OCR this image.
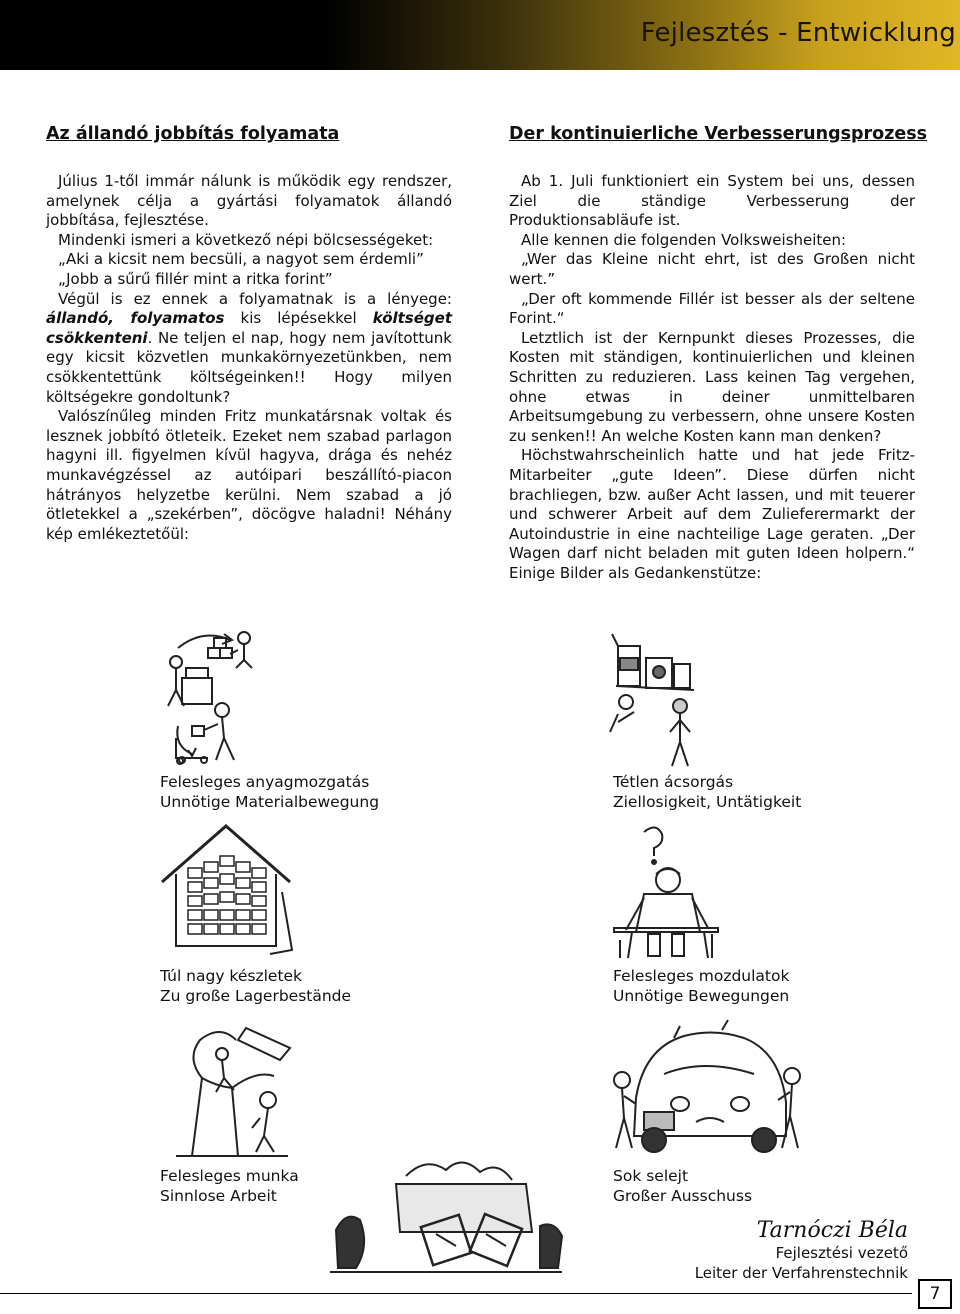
Fejlesztés - Entwicklung
Az állandó jobbítás folyamata

Július 1-től immár nálunk is működik egy rendszer, amelynek célja a gyártási folyamatok állandó jobbítása, fejlesztése.

Mindenki ismeri a következő népi bölcsességeket:

„Aki a kicsit nem becsüli, a nagyot sem érdemli”

„Jobb a sűrű fillér mint a ritka forint”

Végül is ez ennek a folyamatnak is a lényege: állandó, folyamatos kis lépésekkel költséget csökkenteni. Ne teljen el nap, hogy nem javítottunk egy kicsit közvetlen munkakörnyezetünkben, nem csökkentettünk költségeinken!! Hogy milyen költségekre gondoltunk?

Valószínűleg minden Fritz munkatársnak voltak és lesznek jobbító ötleteik. Ezeket nem szabad parlagon hagyni ill. figyelmen kívül hagyva, drága és nehéz munkavégzéssel az autóipari beszállító-piacon hátrányos helyzetbe kerülni. Nem szabad a jó ötletekkel a „szekérben”, döcögve haladni! Néhány kép emlékeztetőül:

Der kontinuierliche Verbesserungsprozess

Ab 1. Juli funktioniert ein System bei uns, dessen Ziel die ständige Verbesserung der Produktionsabläufe ist.

Alle kennen die folgenden Volksweisheiten:

„Wer das Kleine nicht ehrt, ist des Großen nicht wert.”

„Der oft kommende Fillér ist besser als der seltene Forint.“

Letztlich ist der Kernpunkt dieses Prozesses, die Kosten mit ständigen, kontinuierlichen und kleinen Schritten zu reduzieren. Lass keinen Tag vergehen, ohne etwas in deiner unmittelbaren Arbeitsumgebung zu verbessern, ohne unsere Kosten zu senken!! An welche Kosten kann man denken?

Höchstwahrscheinlich hatte und hat jede Fritz-Mitarbeiter „gute Ideen”. Diese dürfen nicht brachliegen, bzw. außer Acht lassen, und mit teuerer und schwerer Arbeit auf dem Zulieferermarkt der Autoindustrie in eine nachteilige Lage geraten. „Der Wagen darf nicht beladen mit guten Ideen holpern.“ Einige Bilder als Gedankenstütze:

Felesleges anyagmozgatás
Unnötige Materialbewegung
Tétlen ácsorgás
Ziellosigkeit, Untätigkeit
Túl nagy készletek
Zu große Lagerbestände
Felesleges mozdulatok
Unnötige Bewegungen
Felesleges munka
Sinnlose Arbeit
Sok selejt
Großer Ausschuss
Tarnóczi Béla
Fejlesztési vezető
Leiter der Verfahrenstechnik
7
